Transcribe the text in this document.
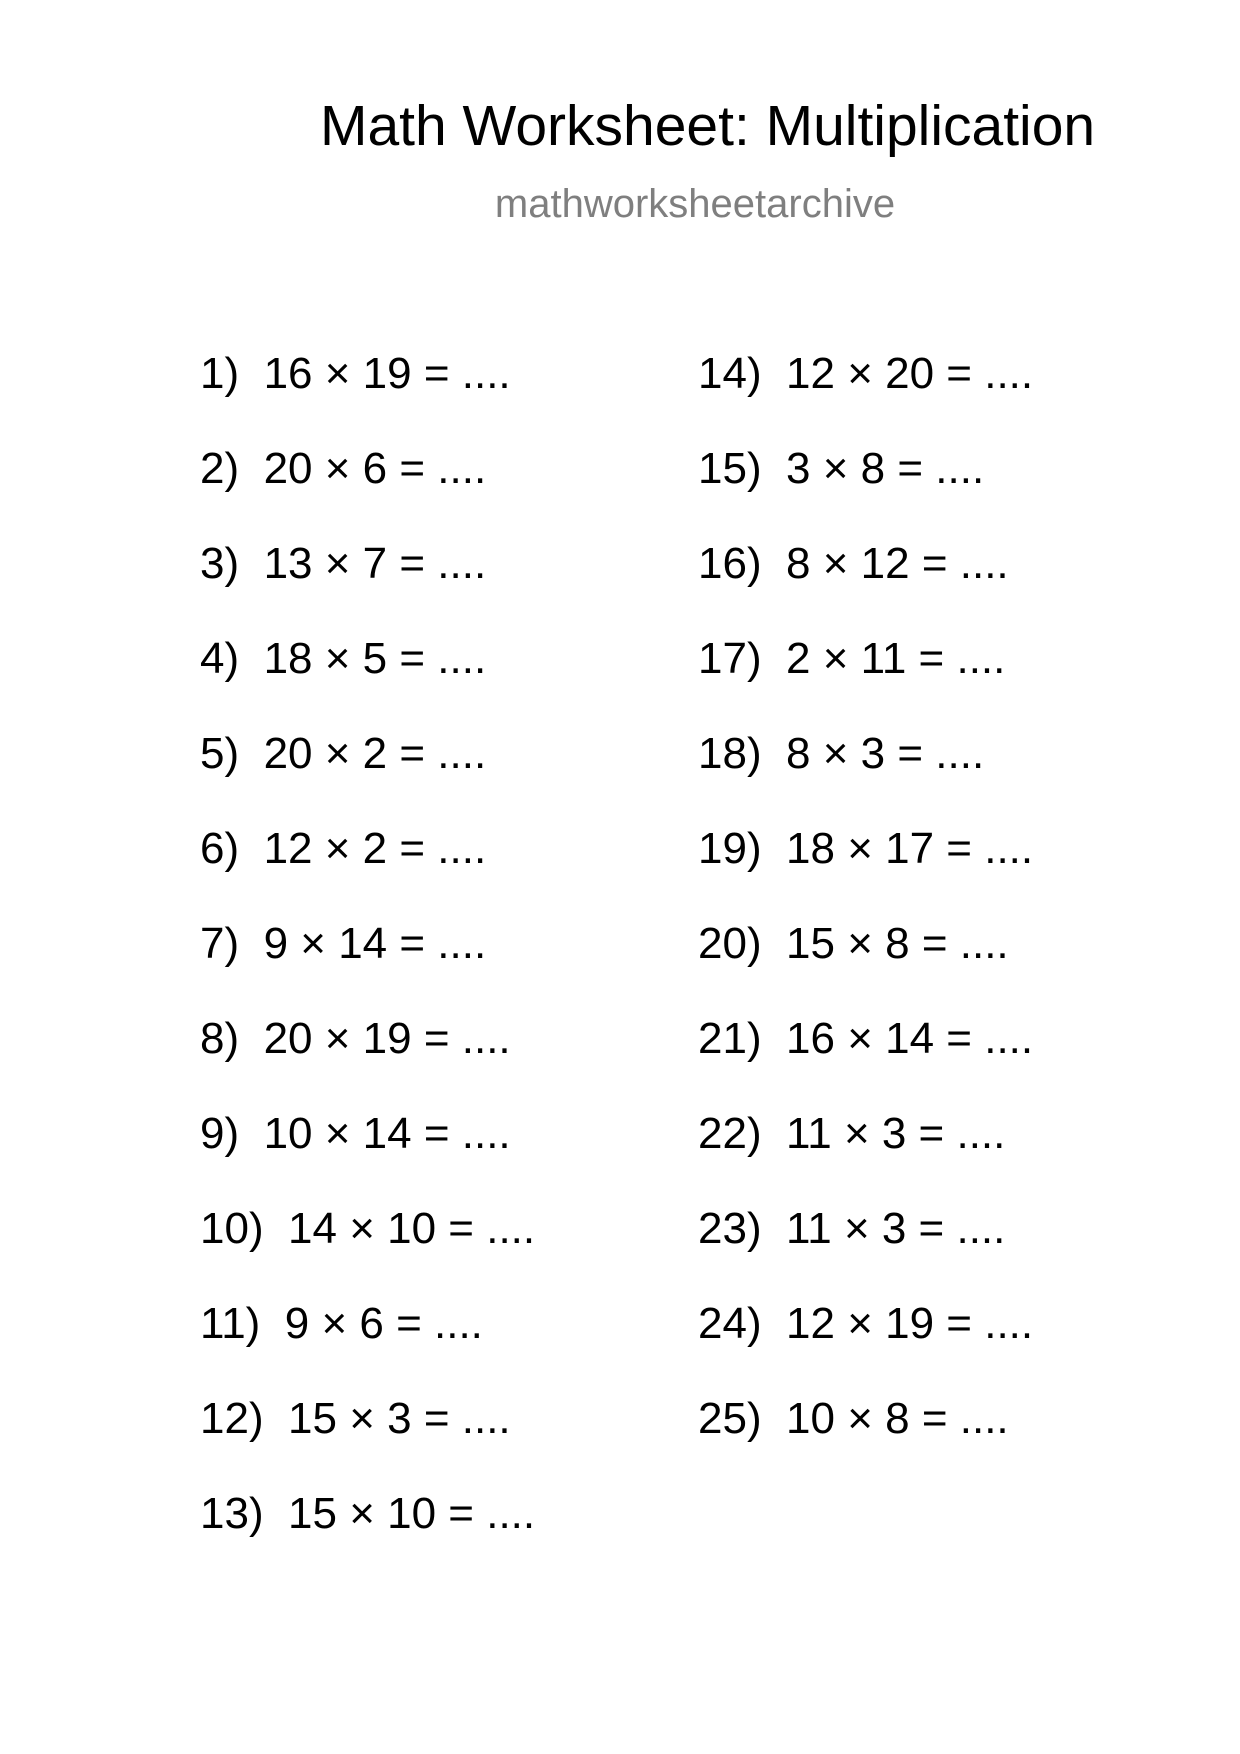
Math Worksheet: Multiplication
mathworksheetarchive
1)  16 × 19 = ....
2)  20 × 6 = ....
3)  13 × 7 = ....
4)  18 × 5 = ....
5)  20 × 2 = ....
6)  12 × 2 = ....
7)  9 × 14 = ....
8)  20 × 19 = ....
9)  10 × 14 = ....
10)  14 × 10 = ....
11)  9 × 6 = ....
12)  15 × 3 = ....
13)  15 × 10 = ....
14)  12 × 20 = ....
15)  3 × 8 = ....
16)  8 × 12 = ....
17)  2 × 11 = ....
18)  8 × 3 = ....
19)  18 × 17 = ....
20)  15 × 8 = ....
21)  16 × 14 = ....
22)  11 × 3 = ....
23)  11 × 3 = ....
24)  12 × 19 = ....
25)  10 × 8 = ....
